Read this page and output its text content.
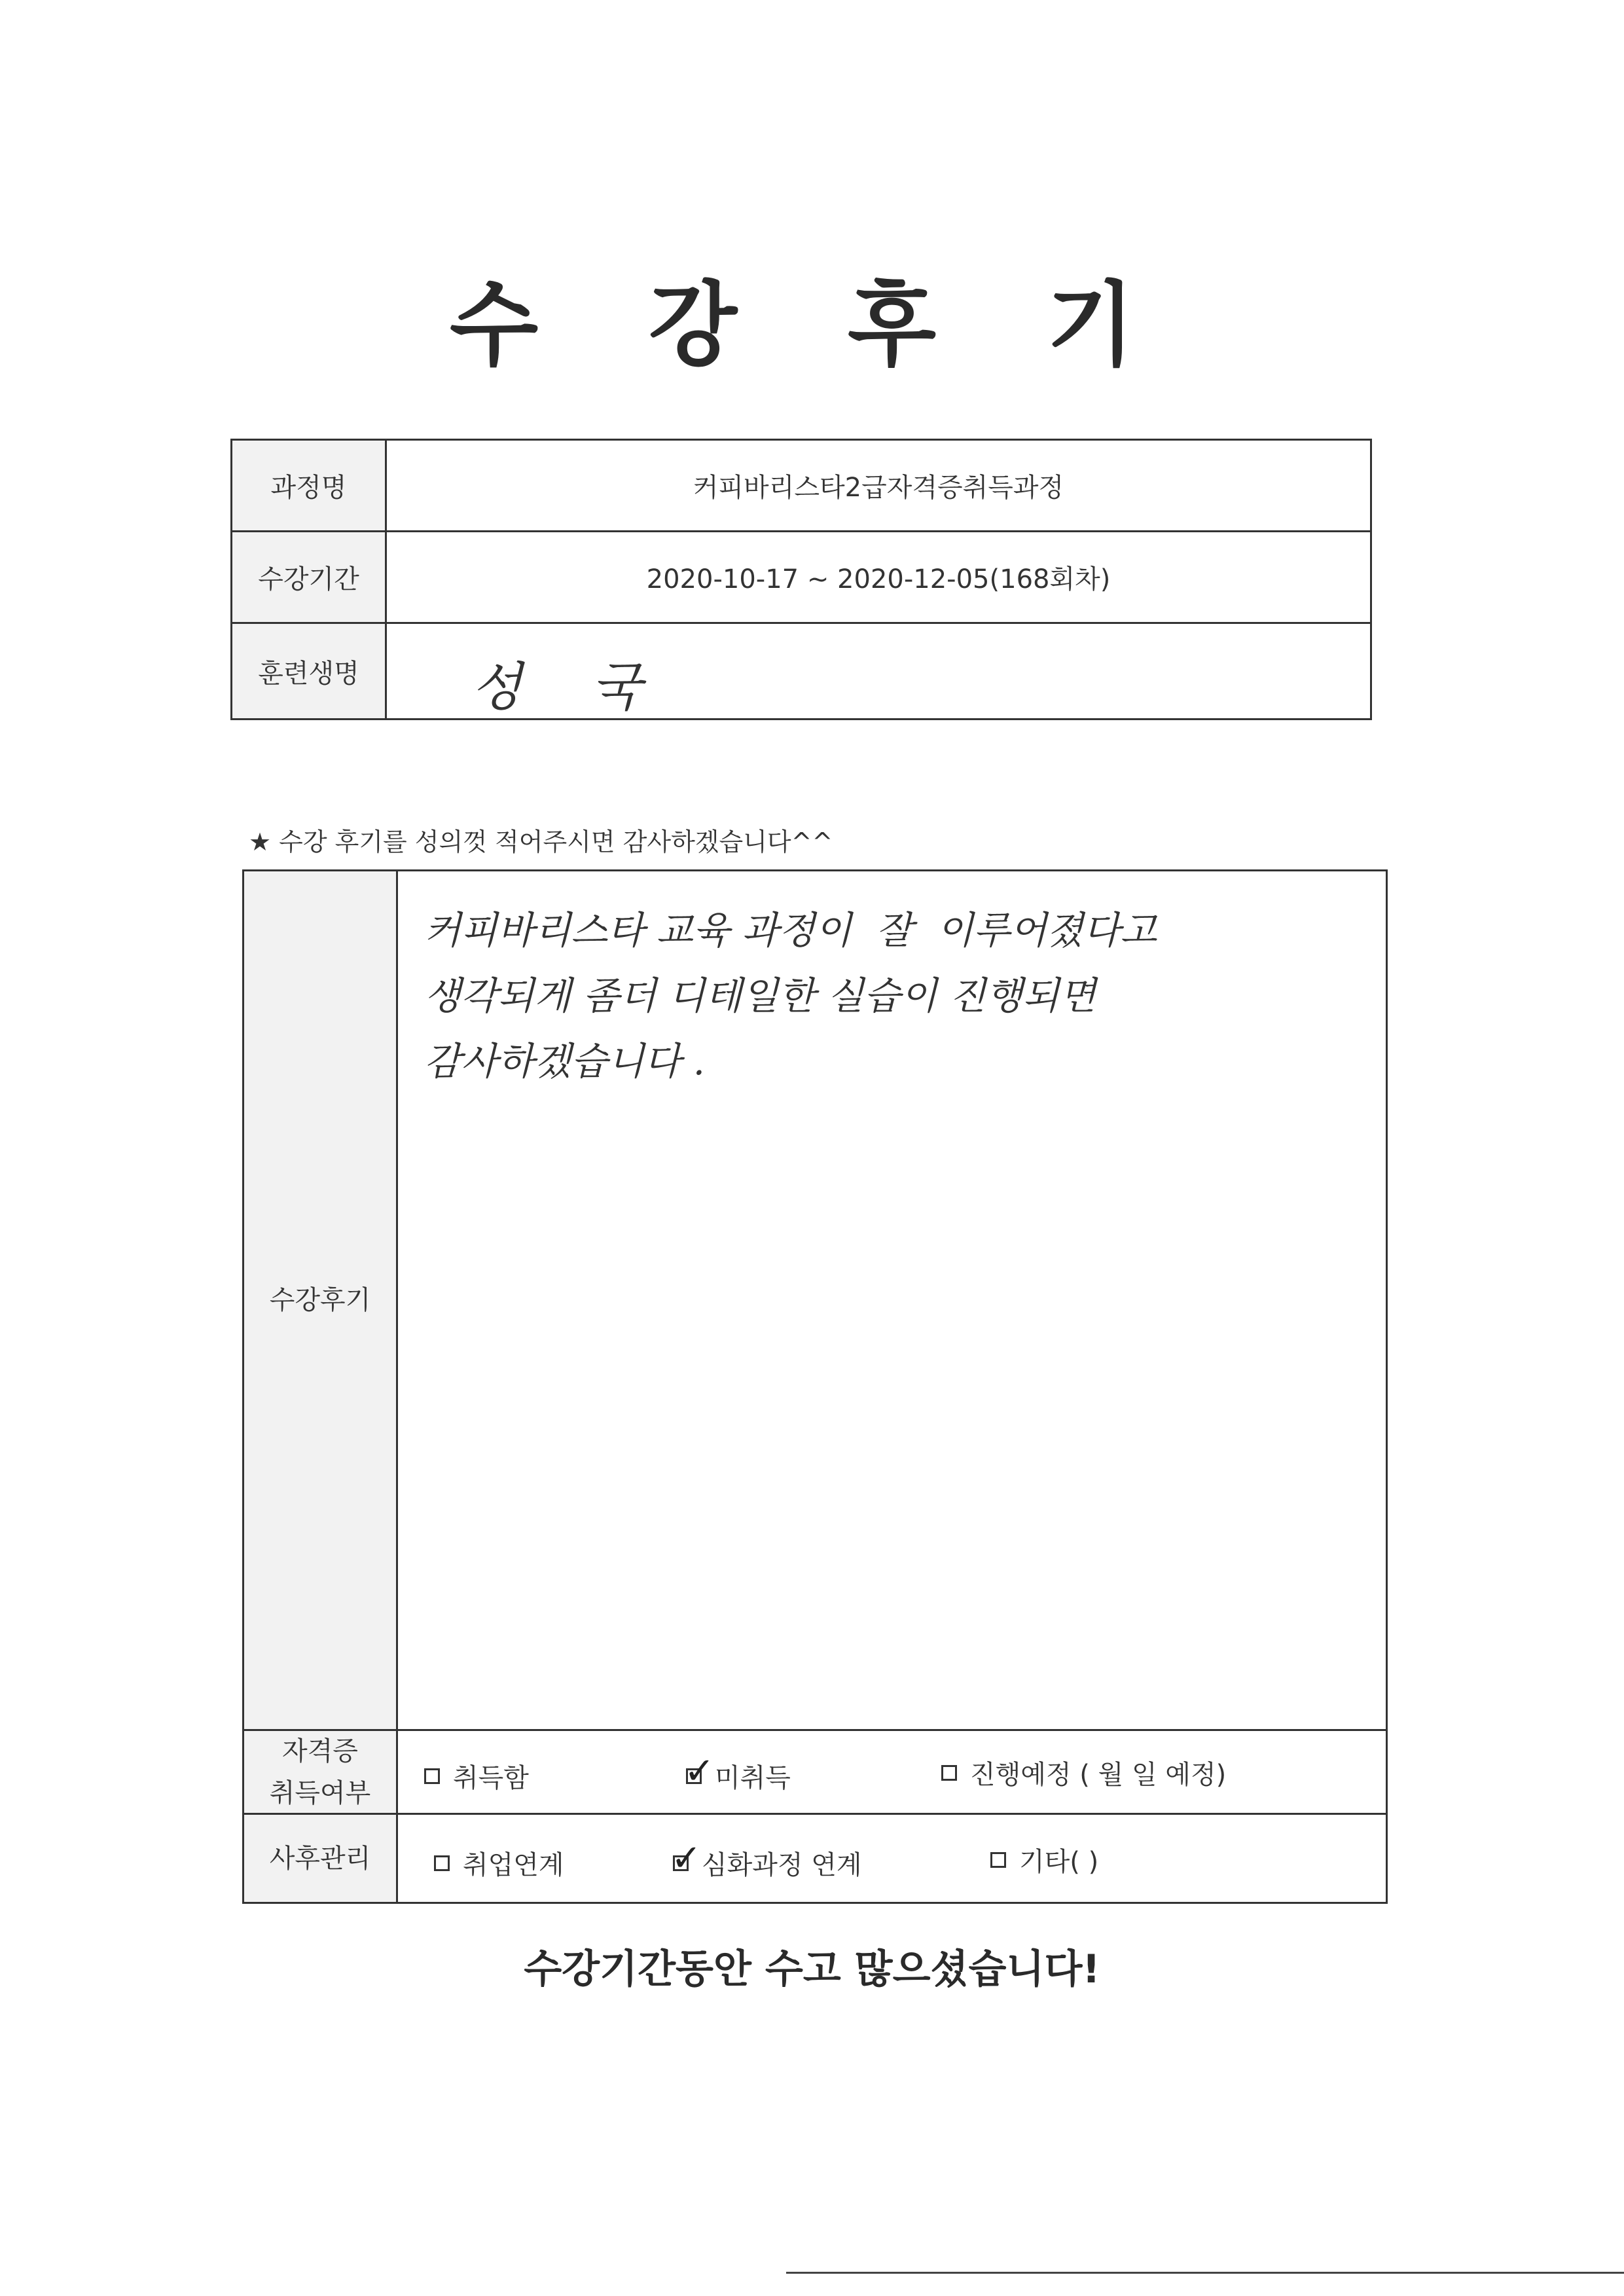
수 강 후 기
과정명	커피바리스타2급자격증취득과정
수강기간	2020-10-17 ~ 2020-12-05(168회차)
훈련생명	성 국
★ 수강 후기를 성의껏 적어주시면 감사하겠습니다^^
수강후기
커피바리스타 교육 과정이  잘  이루어졌다고
생각되게 좀더 디테일한 실습이 진행되면
감사하겠습니다 .
자격증
취득여부	취득함	✓ 미취득	진행예정 ( 월 일 예정)
사후관리	취업연계	✓ 심화과정 연계	기타( )
수강기간동안 수고 많으셨습니다!
